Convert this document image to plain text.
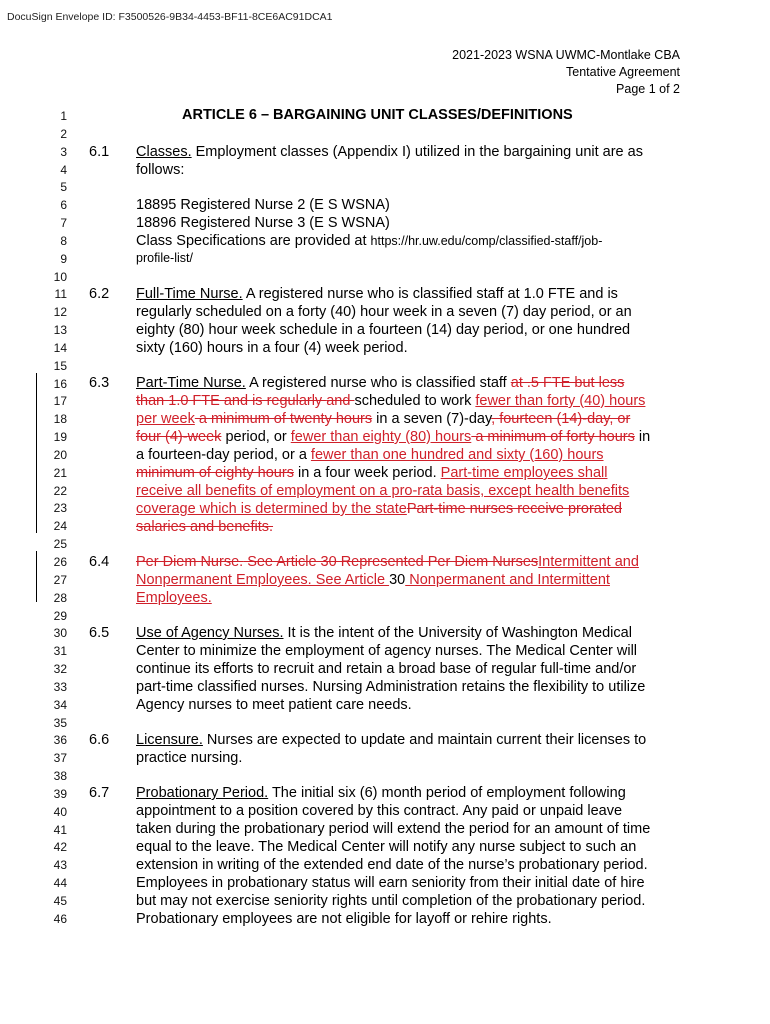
DocuSign Envelope ID: F3500526-9B34-4453-BF11-8CE6AC91DCA1
2021-2023 WSNA UWMC-Montlake CBA
Tentative Agreement
Page 1 of 2
1
2
3
4
5
6
7
8
9
10
11
12
13
14
15
16
17
18
19
20
21
22
23
24
25
26
27
28
29
30
31
32
33
34
35
36
37
38
39
40
41
42
43
44
45
46
ARTICLE 6 – BARGAINING UNIT CLASSES/DEFINITIONS
6.1 Classes. Employment classes (Appendix I) utilized in the bargaining unit are as
follows:
18895 Registered Nurse 2 (E S WSNA)
18896 Registered Nurse 3 (E S WSNA)
Class Specifications are provided at https://hr.uw.edu/comp/classified-staff/job-
profile-list/
6.2 Full-Time Nurse. A registered nurse who is classified staff at 1.0 FTE and is
regularly scheduled on a forty (40) hour week in a seven (7) day period, or an
eighty (80) hour week schedule in a fourteen (14) day period, or one hundred
sixty (160) hours in a four (4) week period.
6.3 Part-Time Nurse. A registered nurse who is classified staff at .5 FTE but less
than 1.0 FTE and is regularly and scheduled to work fewer than forty (40) hours
per week a minimum of twenty hours in a seven (7)-day, fourteen (14)-day, or
four (4)-week period, or fewer than eighty (80) hours a minimum of forty hours in
a fourteen-day period, or a fewer than one hundred and sixty (160) hours
minimum of eighty hours in a four week period. Part-time employees shall
receive all benefits of employment on a pro-rata basis, except health benefits
coverage which is determined by the statePart-time nurses receive prorated
salaries and benefits.
6.4 Per Diem Nurse. See Article 30 Represented Per Diem NursesIntermittent and
Nonpermanent Employees. See Article 30 Nonpermanent and Intermittent
Employees.
6.5 Use of Agency Nurses. It is the intent of the University of Washington Medical
Center to minimize the employment of agency nurses. The Medical Center will
continue its efforts to recruit and retain a broad base of regular full-time and/or
part-time classified nurses. Nursing Administration retains the flexibility to utilize
Agency nurses to meet patient care needs.
6.6 Licensure. Nurses are expected to update and maintain current their licenses to
practice nursing.
6.7 Probationary Period. The initial six (6) month period of employment following
appointment to a position covered by this contract. Any paid or unpaid leave
taken during the probationary period will extend the period for an amount of time
equal to the leave. The Medical Center will notify any nurse subject to such an
extension in writing of the extended end date of the nurse’s probationary period.
Employees in probationary status will earn seniority from their initial date of hire
but may not exercise seniority rights until completion of the probationary period.
Probationary employees are not eligible for layoff or rehire rights.
